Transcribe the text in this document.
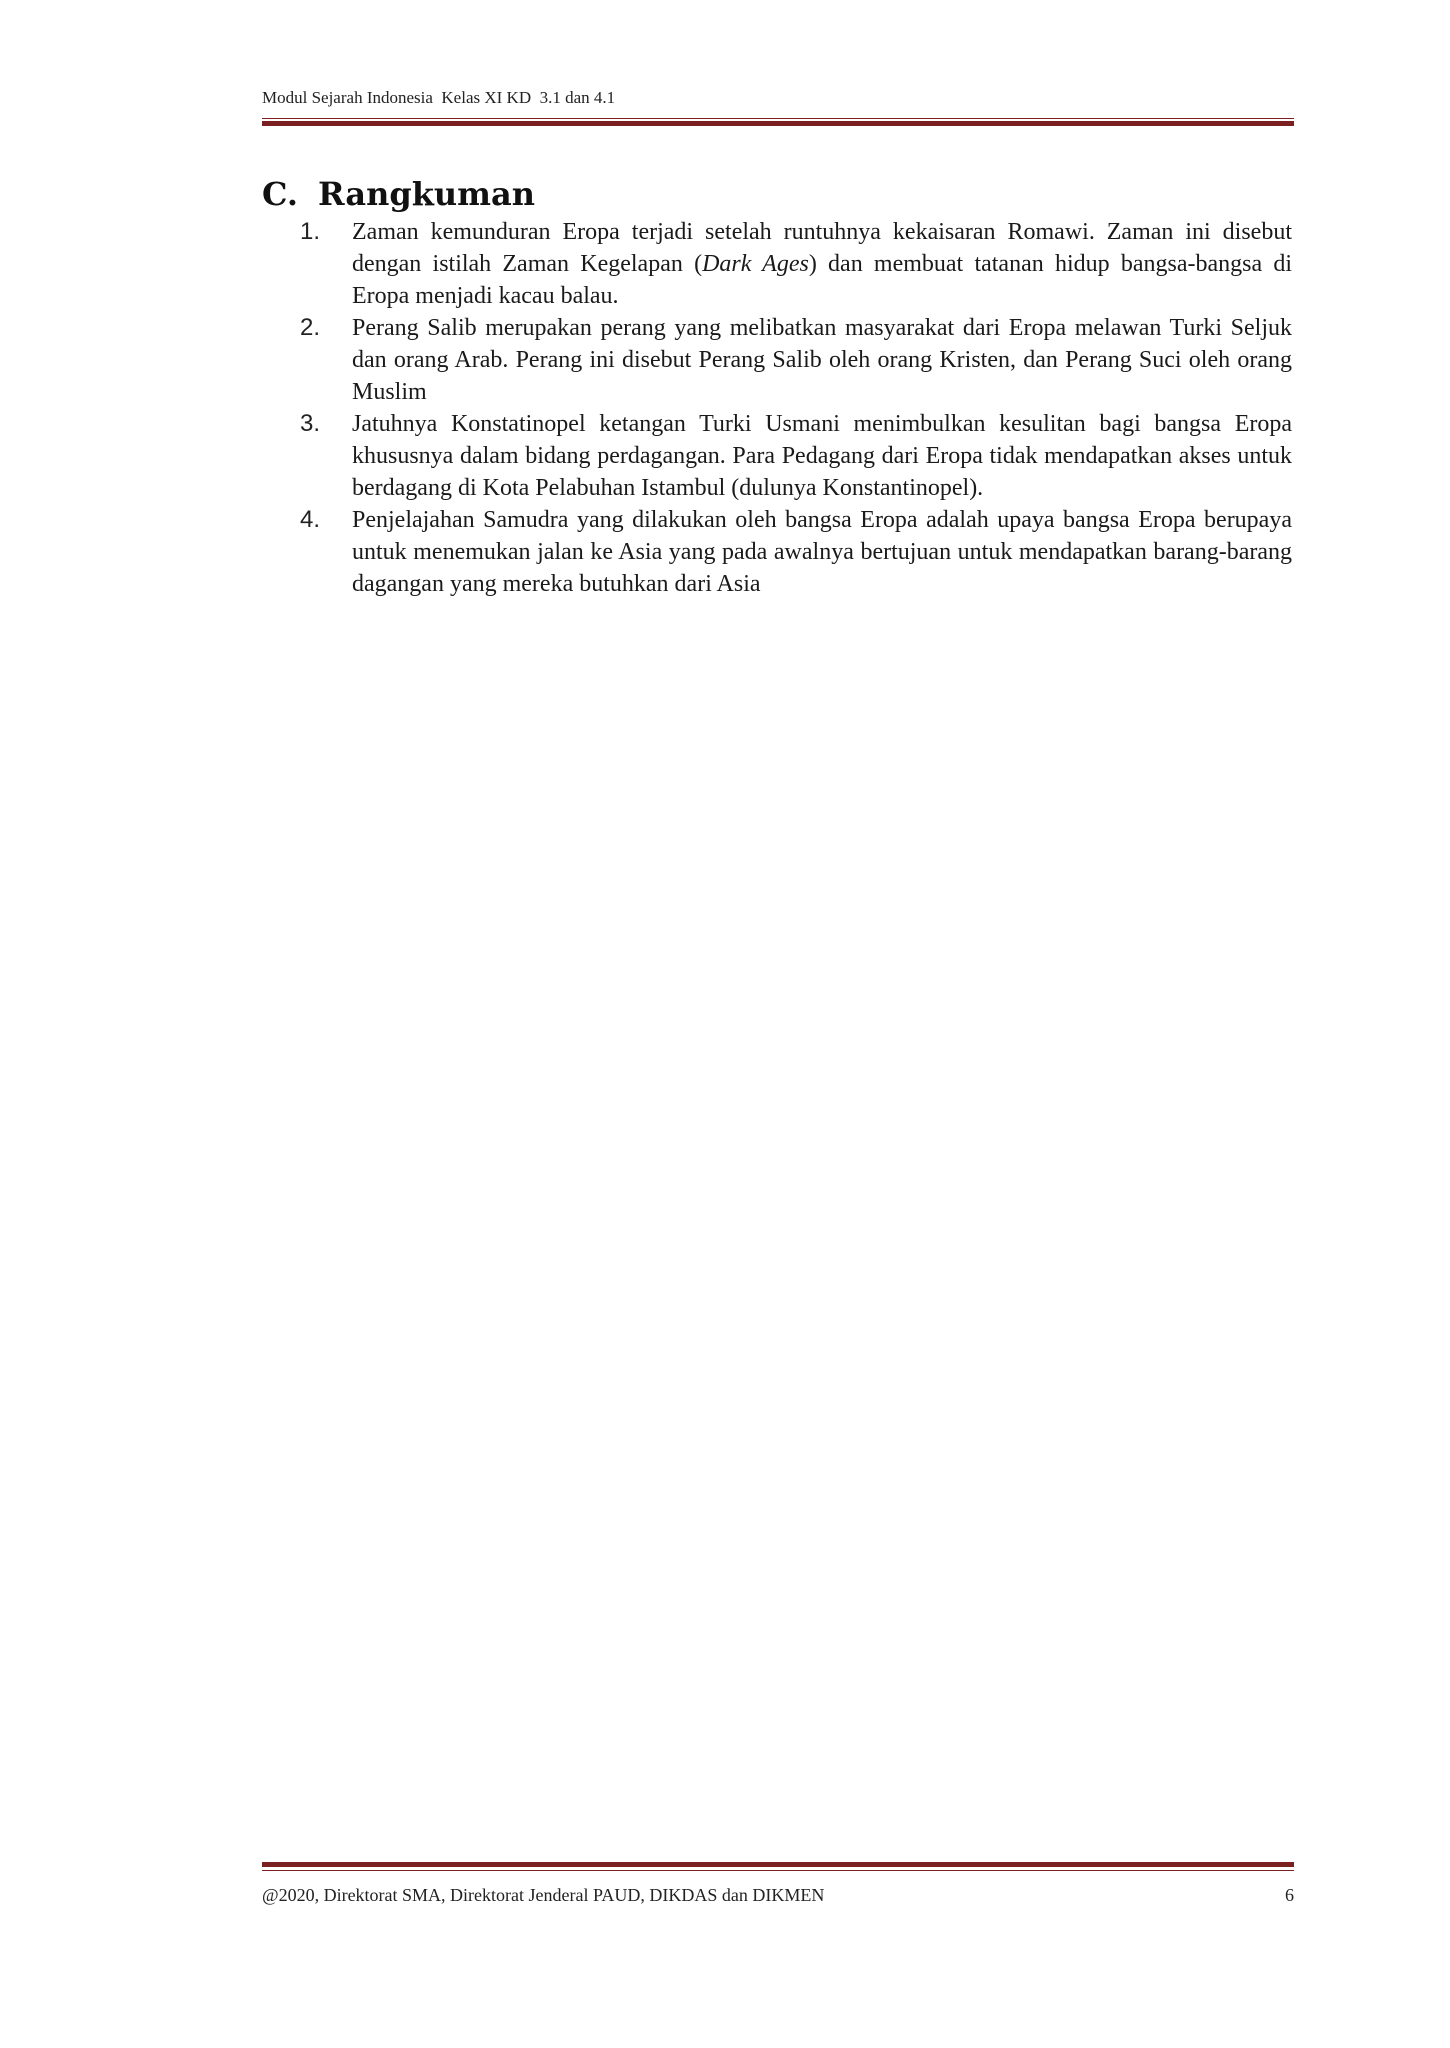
Modul Sejarah Indonesia  Kelas XI KD  3.1 dan 4.1
C. Rangkuman
1.	Zaman kemunduran Eropa terjadi setelah runtuhnya kekaisaran Romawi. Zaman ini disebut dengan istilah Zaman Kegelapan (Dark Ages) dan membuat tatanan hidup bangsa-bangsa di Eropa menjadi kacau balau.
2.	Perang Salib merupakan perang yang melibatkan masyarakat dari Eropa melawan Turki Seljuk dan orang Arab. Perang ini disebut Perang Salib oleh orang Kristen, dan Perang Suci oleh orang Muslim
3.	Jatuhnya Konstatinopel ketangan Turki Usmani menimbulkan kesulitan bagi bangsa Eropa khususnya dalam bidang perdagangan. Para Pedagang dari Eropa tidak mendapatkan akses untuk berdagang di Kota Pelabuhan Istambul (dulunya Konstantinopel).
4.	Penjelajahan Samudra yang dilakukan oleh bangsa Eropa adalah upaya bangsa Eropa berupaya untuk menemukan jalan ke Asia yang pada awalnya bertujuan untuk mendapatkan barang-barang dagangan yang mereka butuhkan dari Asia
@2020, Direktorat SMA, Direktorat Jenderal PAUD, DIKDAS dan DIKMEN	6
